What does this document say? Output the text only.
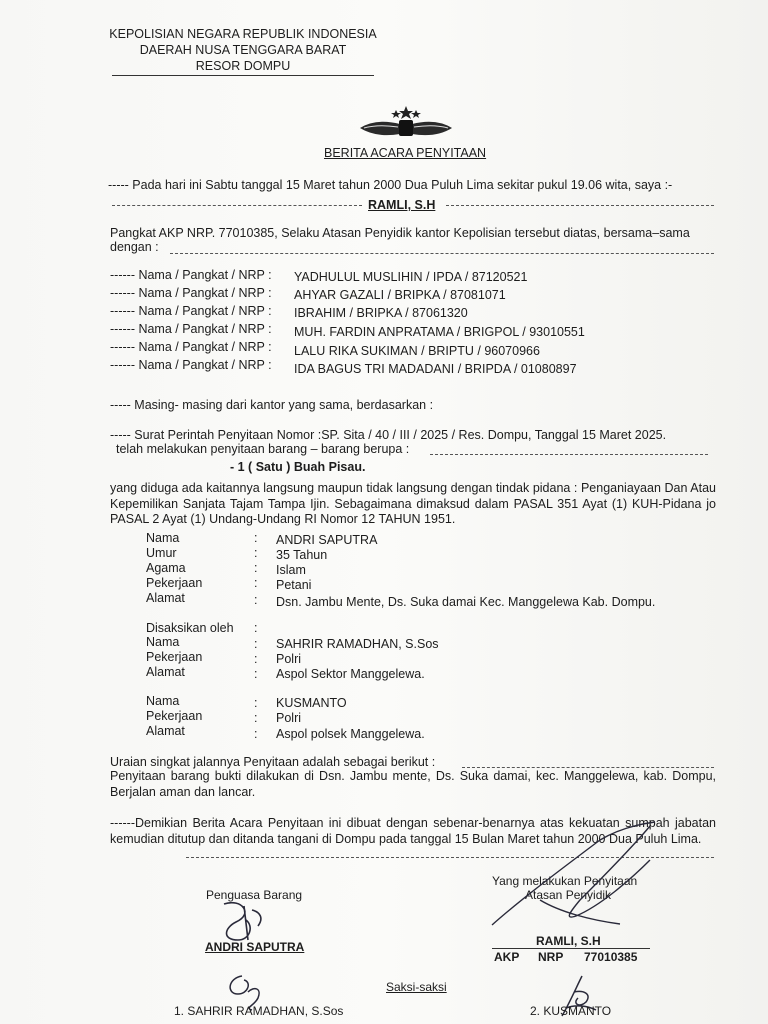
KEPOLISIAN NEGARA REPUBLIK INDONESIA
DAERAH NUSA TENGGARA BARAT
RESOR DOMPU
BERITA ACARA PENYITAAN
----- Pada hari ini Sabtu tanggal 15 Maret tahun 2000 Dua Puluh Lima sekitar pukul 19.06 wita, saya :-
RAMLI, S.H
Pangkat AKP NRP. 77010385, Selaku Atasan Penyidik kantor Kepolisian tersebut diatas, bersama–sama
dengan :
------ Nama / Pangkat / NRP : YADHULUL MUSLIHIN / IPDA / 87120521
------ Nama / Pangkat / NRP : AHYAR GAZALI / BRIPKA / 87081071
------ Nama / Pangkat / NRP : IBRAHIM / BRIPKA / 87061320
------ Nama / Pangkat / NRP : MUH. FARDIN ANPRATAMA / BRIGPOL / 93010551
------ Nama / Pangkat / NRP : LALU RIKA SUKIMAN / BRIPTU / 96070966
------ Nama / Pangkat / NRP : IDA BAGUS TRI MADADANI / BRIPDA / 01080897
----- Masing- masing dari kantor yang sama, berdasarkan :
----- Surat Perintah Penyitaan Nomor :SP. Sita / 40 / III / 2025 / Res. Dompu, Tanggal 15 Maret 2025.
telah melakukan penyitaan barang – barang berupa :
- 1 ( Satu ) Buah Pisau.
yang diduga ada kaitannya langsung maupun tidak langsung dengan tindak pidana : Penganiayaan Dan Atau Kepemilikan Sanjata Tajam Tampa Ijin. Sebagaimana dimaksud dalam PASAL 351 Ayat (1) KUH-Pidana jo PASAL 2 Ayat (1) Undang-Undang RI Nomor 12 TAHUN 1951.
Nama	: ANDRI SAPUTRA
Umur	: 35 Tahun
Agama	: Islam
Pekerjaan	: Petani
Alamat	: Dsn. Jambu Mente, Ds. Suka damai Kec. Manggelewa Kab. Dompu.
Disaksikan oleh :
Nama	: SAHRIR RAMADHAN, S.Sos
Pekerjaan	: Polri
Alamat	: Aspol Sektor Manggelewa.
Nama	: KUSMANTO
Pekerjaan	: Polri
Alamat	: Aspol polsek Manggelewa.
Uraian singkat jalannya Penyitaan adalah sebagai berikut :
Penyitaan barang bukti dilakukan di Dsn. Jambu mente, Ds. Suka damai, kec. Manggelewa, kab. Dompu, Berjalan aman dan lancar.
------Demikian Berita Acara Penyitaan ini dibuat dengan sebenar-benarnya atas kekuatan sumpah jabatan kemudian ditutup dan ditanda tangani di Dompu pada tanggal 15 Bulan Maret tahun 2000 Dua Puluh Lima.
Penguasa Barang
ANDRI SAPUTRA
Yang melakukan Penyitaan
Atasan Penyidik
RAMLI, S.H
AKP NRP 77010385
Saksi-saksi
1. SAHRIR RAMADHAN, S.Sos	2. KUSMANTO
